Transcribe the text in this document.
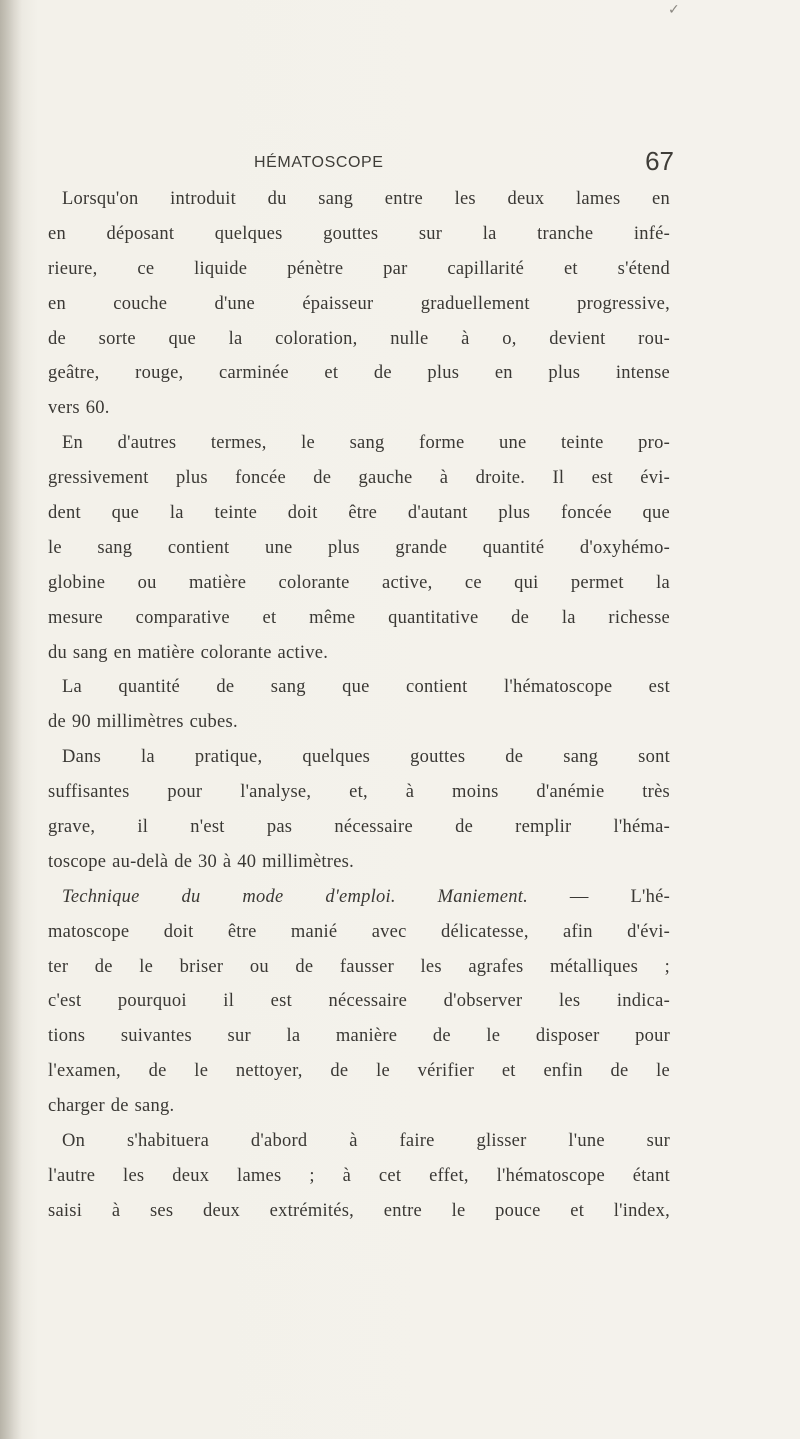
✓
HÉMATOSCOPE	67
Lorsqu'on introduit du sang entre les deux lames en
en déposant quelques gouttes sur la tranche infé-
rieure, ce liquide pénètre par capillarité et s'étend
en couche d'une épaisseur graduellement progressive,
de sorte que la coloration, nulle à o, devient rou-
geâtre, rouge, carminée et de plus en plus intense
vers 60.
En d'autres termes, le sang forme une teinte pro-
gressivement plus foncée de gauche à droite. Il est évi-
dent que la teinte doit être d'autant plus foncée que
le sang contient une plus grande quantité d'oxyhémo-
globine ou matière colorante active, ce qui permet la
mesure comparative et même quantitative de la richesse
du sang en matière colorante active.
La quantité de sang que contient l'hématoscope est
de 90 millimètres cubes.
Dans la pratique, quelques gouttes de sang sont
suffisantes pour l'analyse, et, à moins d'anémie très
grave, il n'est pas nécessaire de remplir l'héma-
toscope au-delà de 30 à 40 millimètres.
Technique du mode d'emploi. Maniement. — L'hé-
matoscope doit être manié avec délicatesse, afin d'évi-
ter de le briser ou de fausser les agrafes métalliques ;
c'est pourquoi il est nécessaire d'observer les indica-
tions suivantes sur la manière de le disposer pour
l'examen, de le nettoyer, de le vérifier et enfin de le
charger de sang.
On s'habituera d'abord à faire glisser l'une sur
l'autre les deux lames ; à cet effet, l'hématoscope étant
saisi à ses deux extrémités, entre le pouce et l'index,
